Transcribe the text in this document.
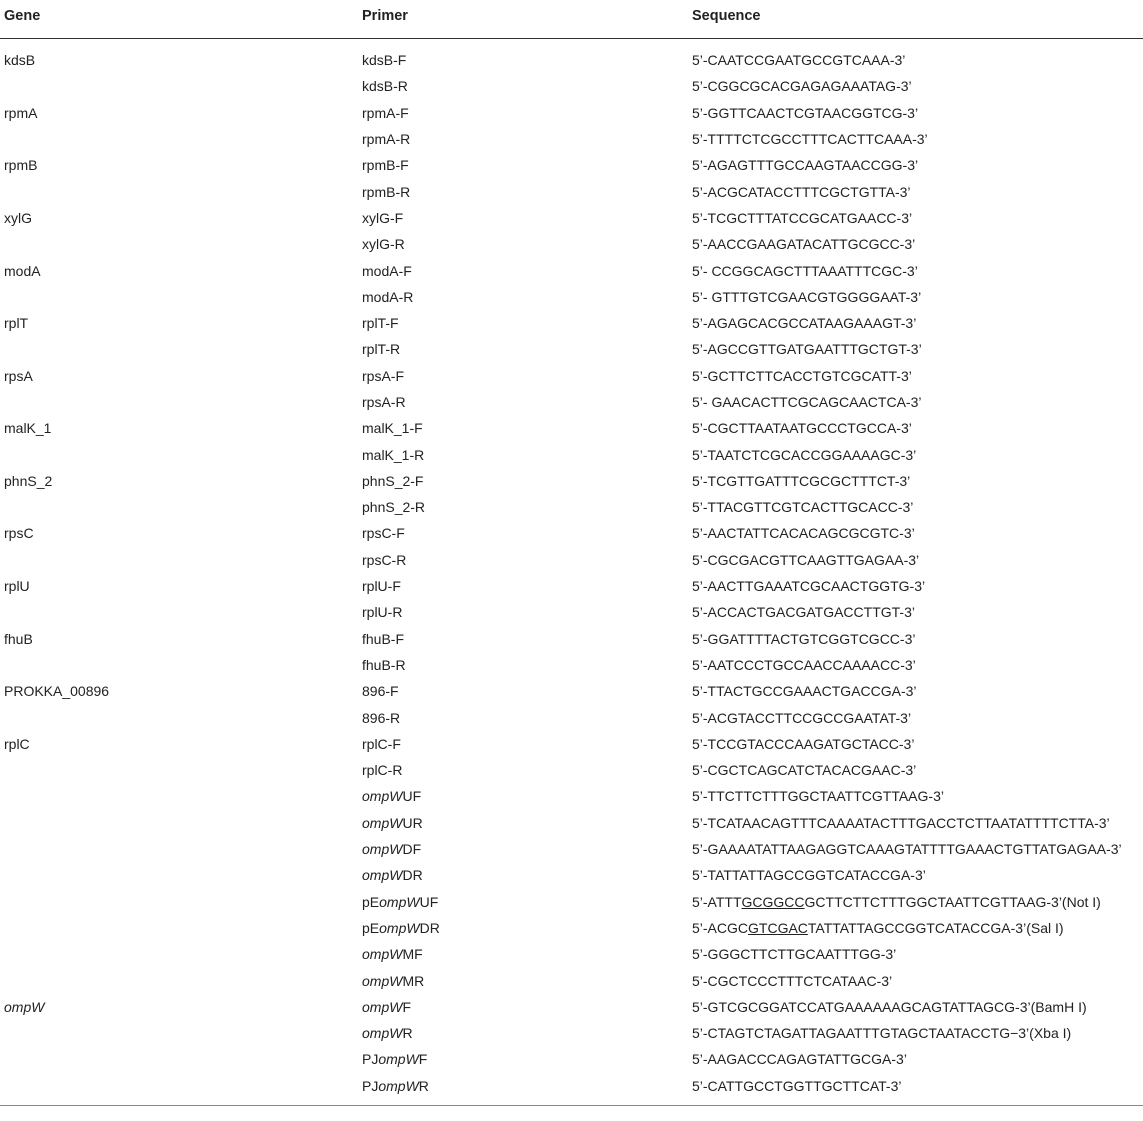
Gene	Primer	Sequence
kdsB	kdsB-F	5’-CAATCCGAATGCCGTCAAA-3’
	kdsB-R	5’-CGGCGCACGAGAGAAATAG-3’
rpmA	rpmA-F	5’-GGTTCAACTCGTAACGGTCG-3’
	rpmA-R	5’-TTTTCTCGCCTTTCACTTCAAA-3’
rpmB	rpmB-F	5’-AGAGTTTGCCAAGTAACCGG-3’
	rpmB-R	5’-ACGCATACCTTTCGCTGTTA-3’
xylG	xylG-F	5’-TCGCTTTATCCGCATGAACC-3’
	xylG-R	5’-AACCGAAGATACATTGCGCC-3’
modA	modA-F	5’- CCGGCAGCTTTAAATTTCGC-3’
	modA-R	5’- GTTTGTCGAACGTGGGGAAT-3’
rplT	rplT-F	5’-AGAGCACGCCATAAGAAAGT-3’
	rplT-R	5’-AGCCGTTGATGAATTTGCTGT-3’
rpsA	rpsA-F	5’-GCTTCTTCACCTGTCGCATT-3’
	rpsA-R	5’- GAACACTTCGCAGCAACTCA-3’
malK_1	malK_1-F	5’-CGCTTAATAATGCCCTGCCA-3’
	malK_1-R	5’-TAATCTCGCACCGGAAAAGC-3’
phnS_2	phnS_2-F	5’-TCGTTGATTTCGCGCTTTCT-3’
	phnS_2-R	5’-TTACGTTCGTCACTTGCACC-3’
rpsC	rpsC-F	5’-AACTATTCACACAGCGCGTC-3’
	rpsC-R	5’-CGCGACGTTCAAGTTGAGAA-3’
rplU	rplU-F	5’-AACTTGAAATCGCAACTGGTG-3’
	rplU-R	5’-ACCACTGACGATGACCTTGT-3’
fhuB	fhuB-F	5’-GGATTTTACTGTCGGTCGCC-3’
	fhuB-R	5’-AATCCCTGCCAACCAAAACC-3’
PROKKA_00896	896-F	5’-TTACTGCCGAAACTGACCGA-3’
	896-R	5’-ACGTACCTTCCGCCGAATAT-3’
rplC	rplC-F	5’-TCCGTACCCAAGATGCTACC-3’
	rplC-R	5’-CGCTCAGCATCTACACGAAC-3’
	ompWUF	5’-TTCTTCTTTGGCTAATTCGTTAAG-3’
	ompWUR	5’-TCATAACAGTTTCAAAATACTTTGACCTCTTAATATTTTCTTA-3’
	ompWDF	5’-GAAAATATTAAGAGGTCAAAGTATTTTGAAACTGTTATGAGAA-3’
	ompWDR	5’-TATTATTAGCCGGTCATACCGA-3’
	pEompWUF	5’-ATTTGCGGCCGCTTCTTCTTTGGCTAATTCGTTAAG-3’(Not I)
	pEompWDR	5’-ACGCGTCGACTATTATTAGCCGGTCATACCGA-3’(Sal I)
	ompWMF	5’-GGGCTTCTTGCAATTTGG-3’
	ompWMR	5’-CGCTCCCTTTCTCATAAC-3’
ompW	ompWF	5’-GTCGCGGATCCATGAAAAAAGCAGTATTAGCG-3’(BamH I)
	ompWR	5’-CTAGTCTAGATTAGAATTTGTAGCTAATACCTG−3’(Xba I)
	PJompWF	5’-AAGACCCAGAGTATTGCGA-3’
	PJompWR	5’-CATTGCCTGGTTGCTTCAT-3’
